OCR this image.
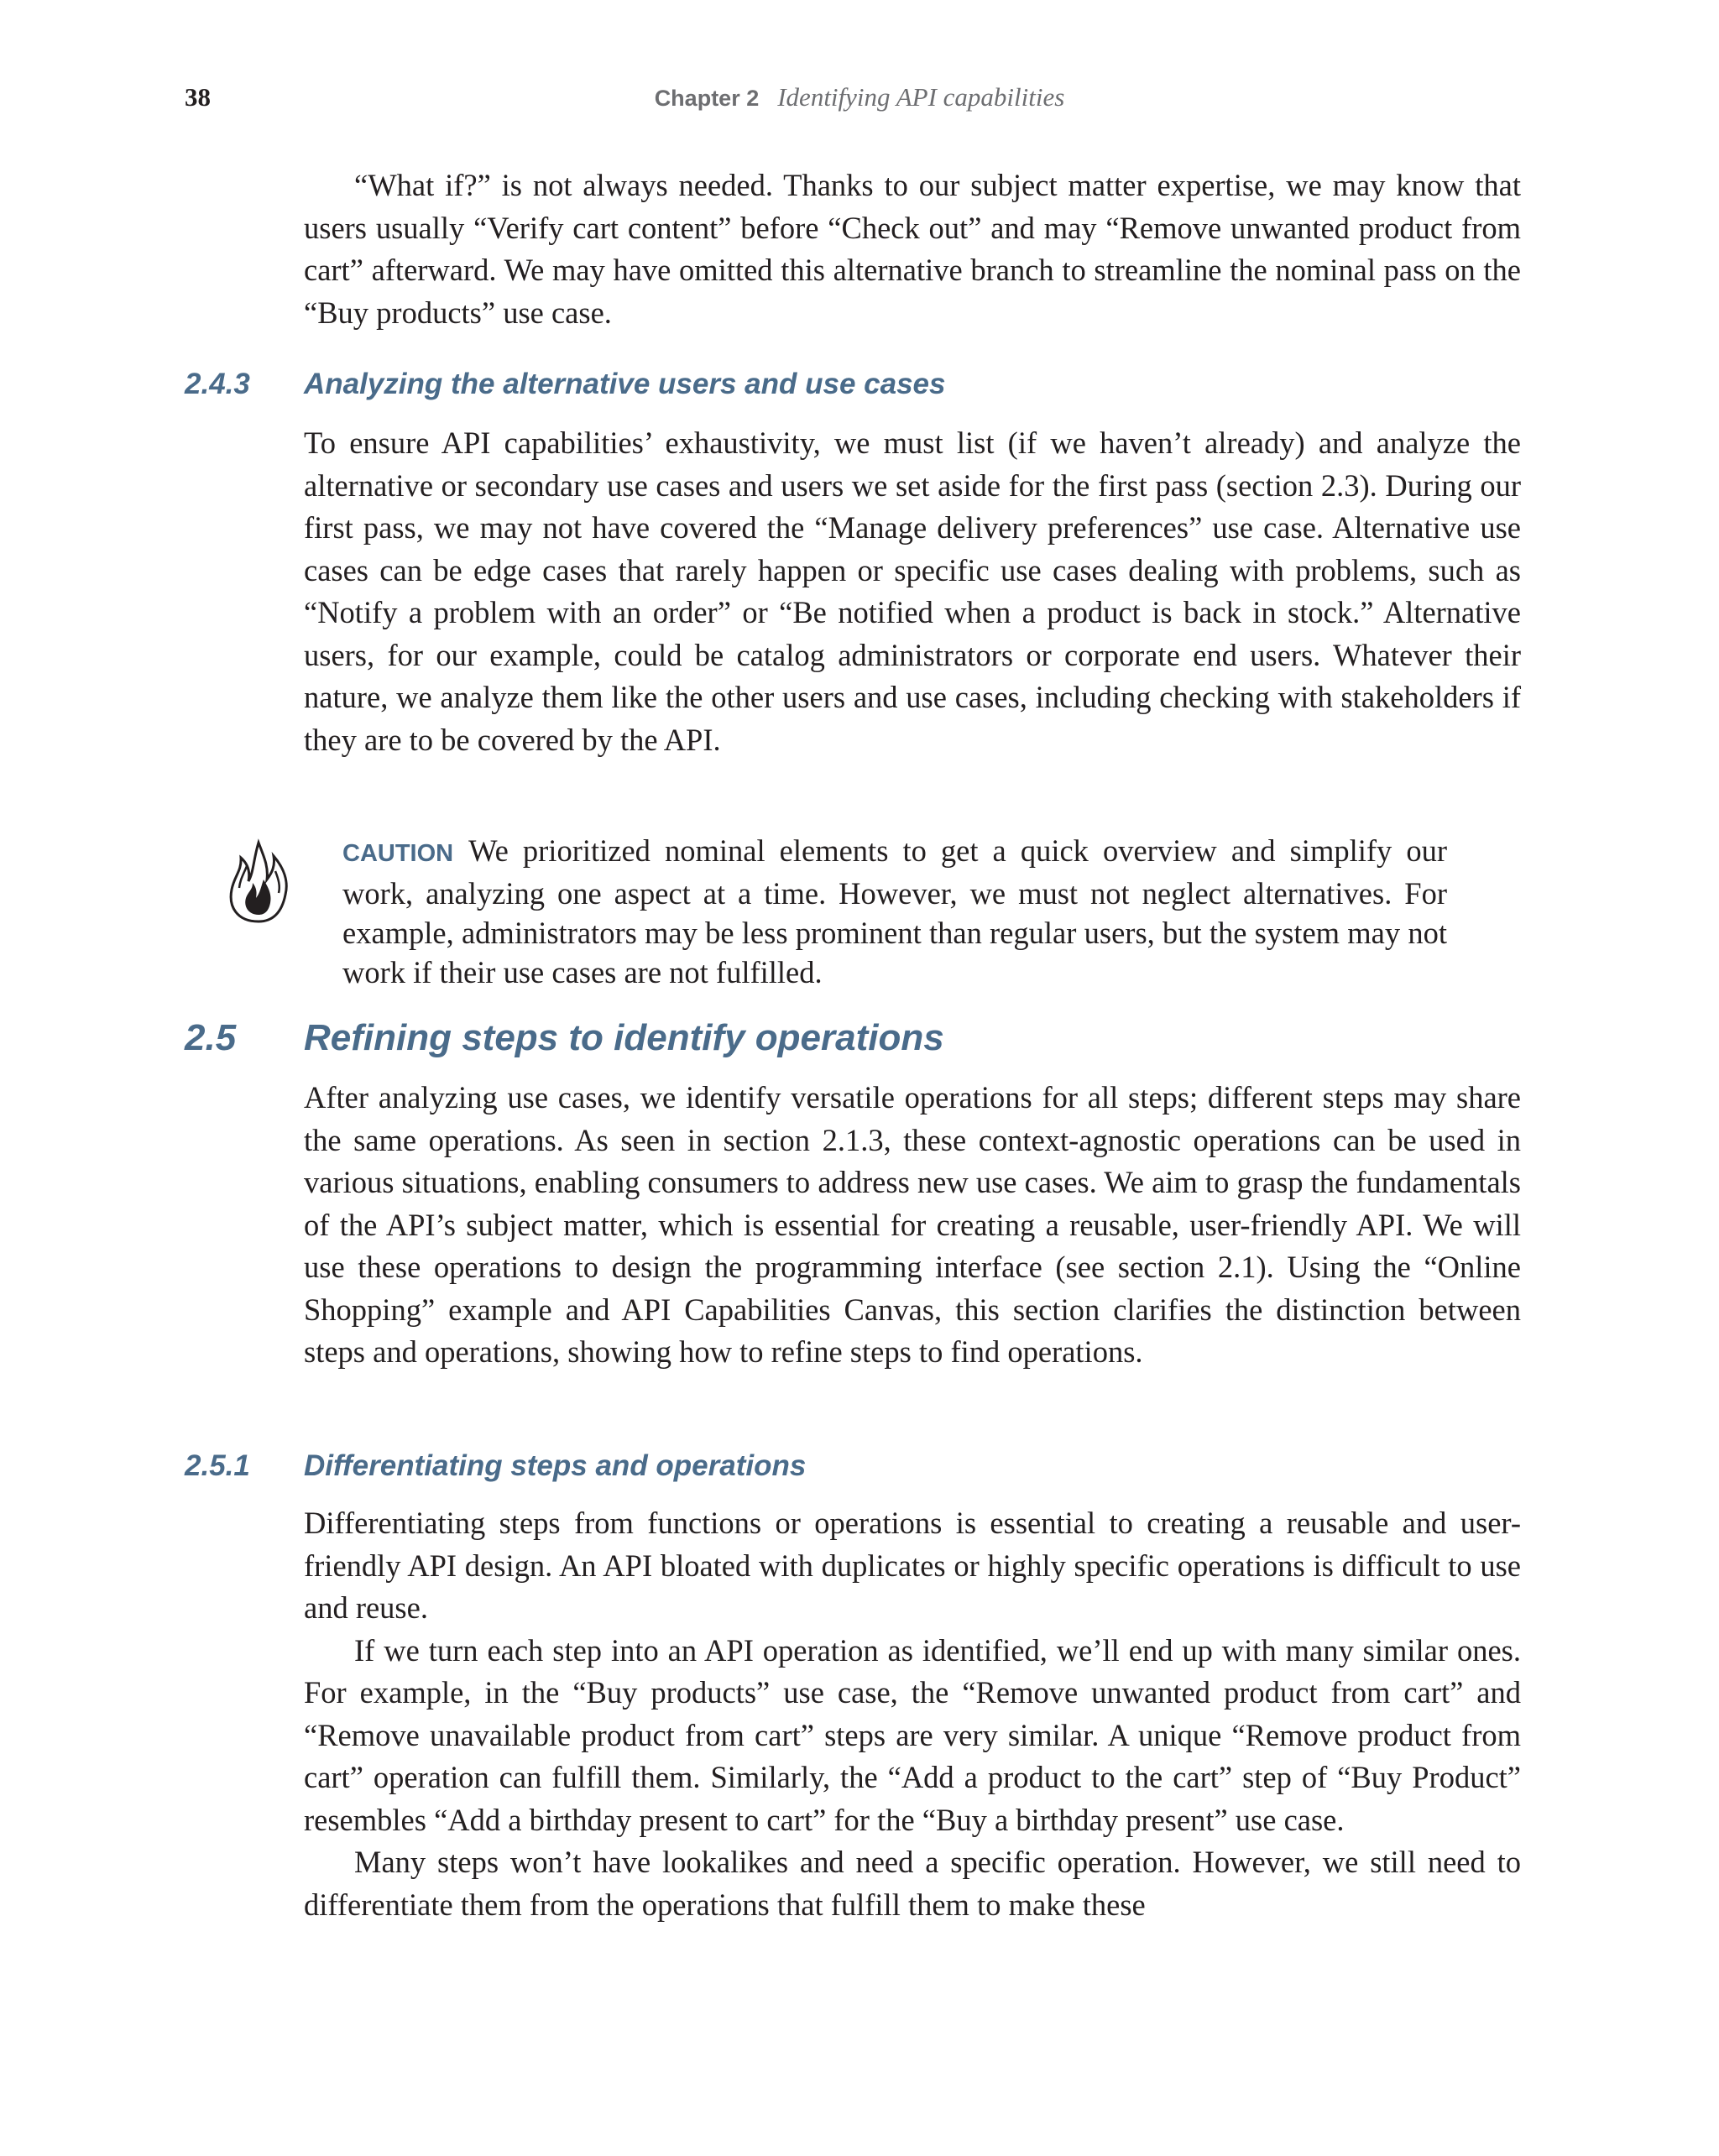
38	Chapter 2 Identifying API capabilities

“What if?” is not always needed. Thanks to our subject matter expertise, we may know that users usually “Verify cart content” before “Check out” and may “Remove unwanted product from cart” afterward. We may have omitted this alternative branch to streamline the nominal pass on the “Buy products” use case.

2.4.3 Analyzing the alternative users and use cases

To ensure API capabilities’ exhaustivity, we must list (if we haven’t already) and analyze the alternative or secondary use cases and users we set aside for the first pass (section 2.3). During our first pass, we may not have covered the “Manage delivery preferences” use case. Alternative use cases can be edge cases that rarely happen or specific use cases dealing with problems, such as “Notify a problem with an order” or “Be notified when a product is back in stock.” Alternative users, for our example, could be catalog administrators or corporate end users. Whatever their nature, we analyze them like the other users and use cases, including checking with stakeholders if they are to be covered by the API.

CAUTION We prioritized nominal elements to get a quick overview and simplify our work, analyzing one aspect at a time. However, we must not neglect alternatives. For example, administrators may be less prominent than regular users, but the system may not work if their use cases are not fulfilled.
2.5 Refining steps to identify operations

After analyzing use cases, we identify versatile operations for all steps; different steps may share the same operations. As seen in section 2.1.3, these context-agnostic operations can be used in various situations, enabling consumers to address new use cases. We aim to grasp the fundamentals of the API’s subject matter, which is essential for creating a reusable, user-friendly API. We will use these operations to design the programming interface (see section 2.1). Using the “Online Shopping” example and API Capabilities Canvas, this section clarifies the distinction between steps and operations, showing how to refine steps to find operations.

2.5.1 Differentiating steps and operations

Differentiating steps from functions or operations is essential to creating a reusable and user-friendly API design. An API bloated with duplicates or highly specific operations is difficult to use and reuse.

If we turn each step into an API operation as identified, we’ll end up with many similar ones. For example, in the “Buy products” use case, the “Remove unwanted product from cart” and “Remove unavailable product from cart” steps are very similar. A unique “Remove product from cart” operation can fulfill them. Similarly, the “Add a product to the cart” step of “Buy Product” resembles “Add a birthday present to cart” for the “Buy a birthday present” use case.

Many steps won’t have lookalikes and need a specific operation. However, we still need to differentiate them from the operations that fulfill them to make these
